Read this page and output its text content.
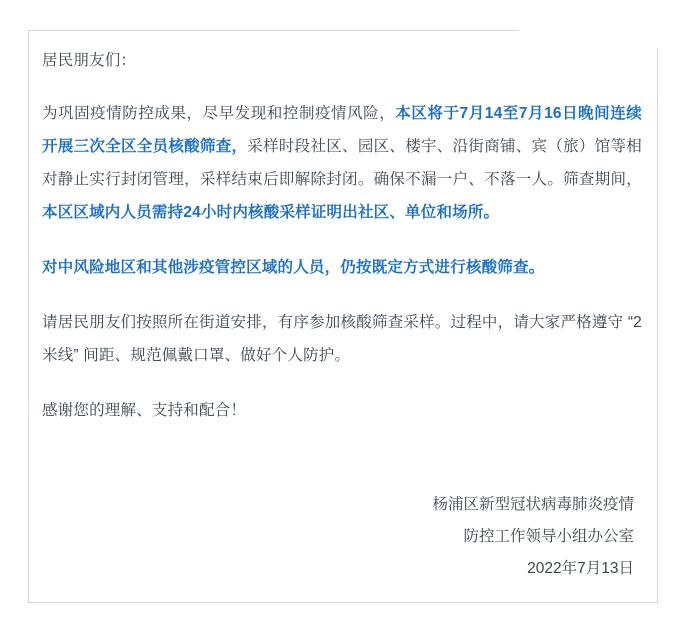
居民朋友们：

为巩固疫情防控成果，尽早发现和控制疫情风险，本区将于7月14至7月16日晚间连续开展三次全区全员核酸筛查，采样时段社区、园区、楼宇、沿街商铺、宾（旅）馆等相对静止实行封闭管理，采样结束后即解除封闭。确保不漏一户、不落一人。筛查期间，本区区域内人员需持24小时内核酸采样证明出社区、单位和场所。

对中风险地区和其他涉疫管控区域的人员，仍按既定方式进行核酸筛查。

请居民朋友们按照所在街道安排，有序参加核酸筛查采样。过程中，请大家严格遵守 “2米线” 间距、规范佩戴口罩、做好个人防护。

感谢您的理解、支持和配合！

杨浦区新型冠状病毒肺炎疫情
防控工作领导小组办公室
2022年7月13日
